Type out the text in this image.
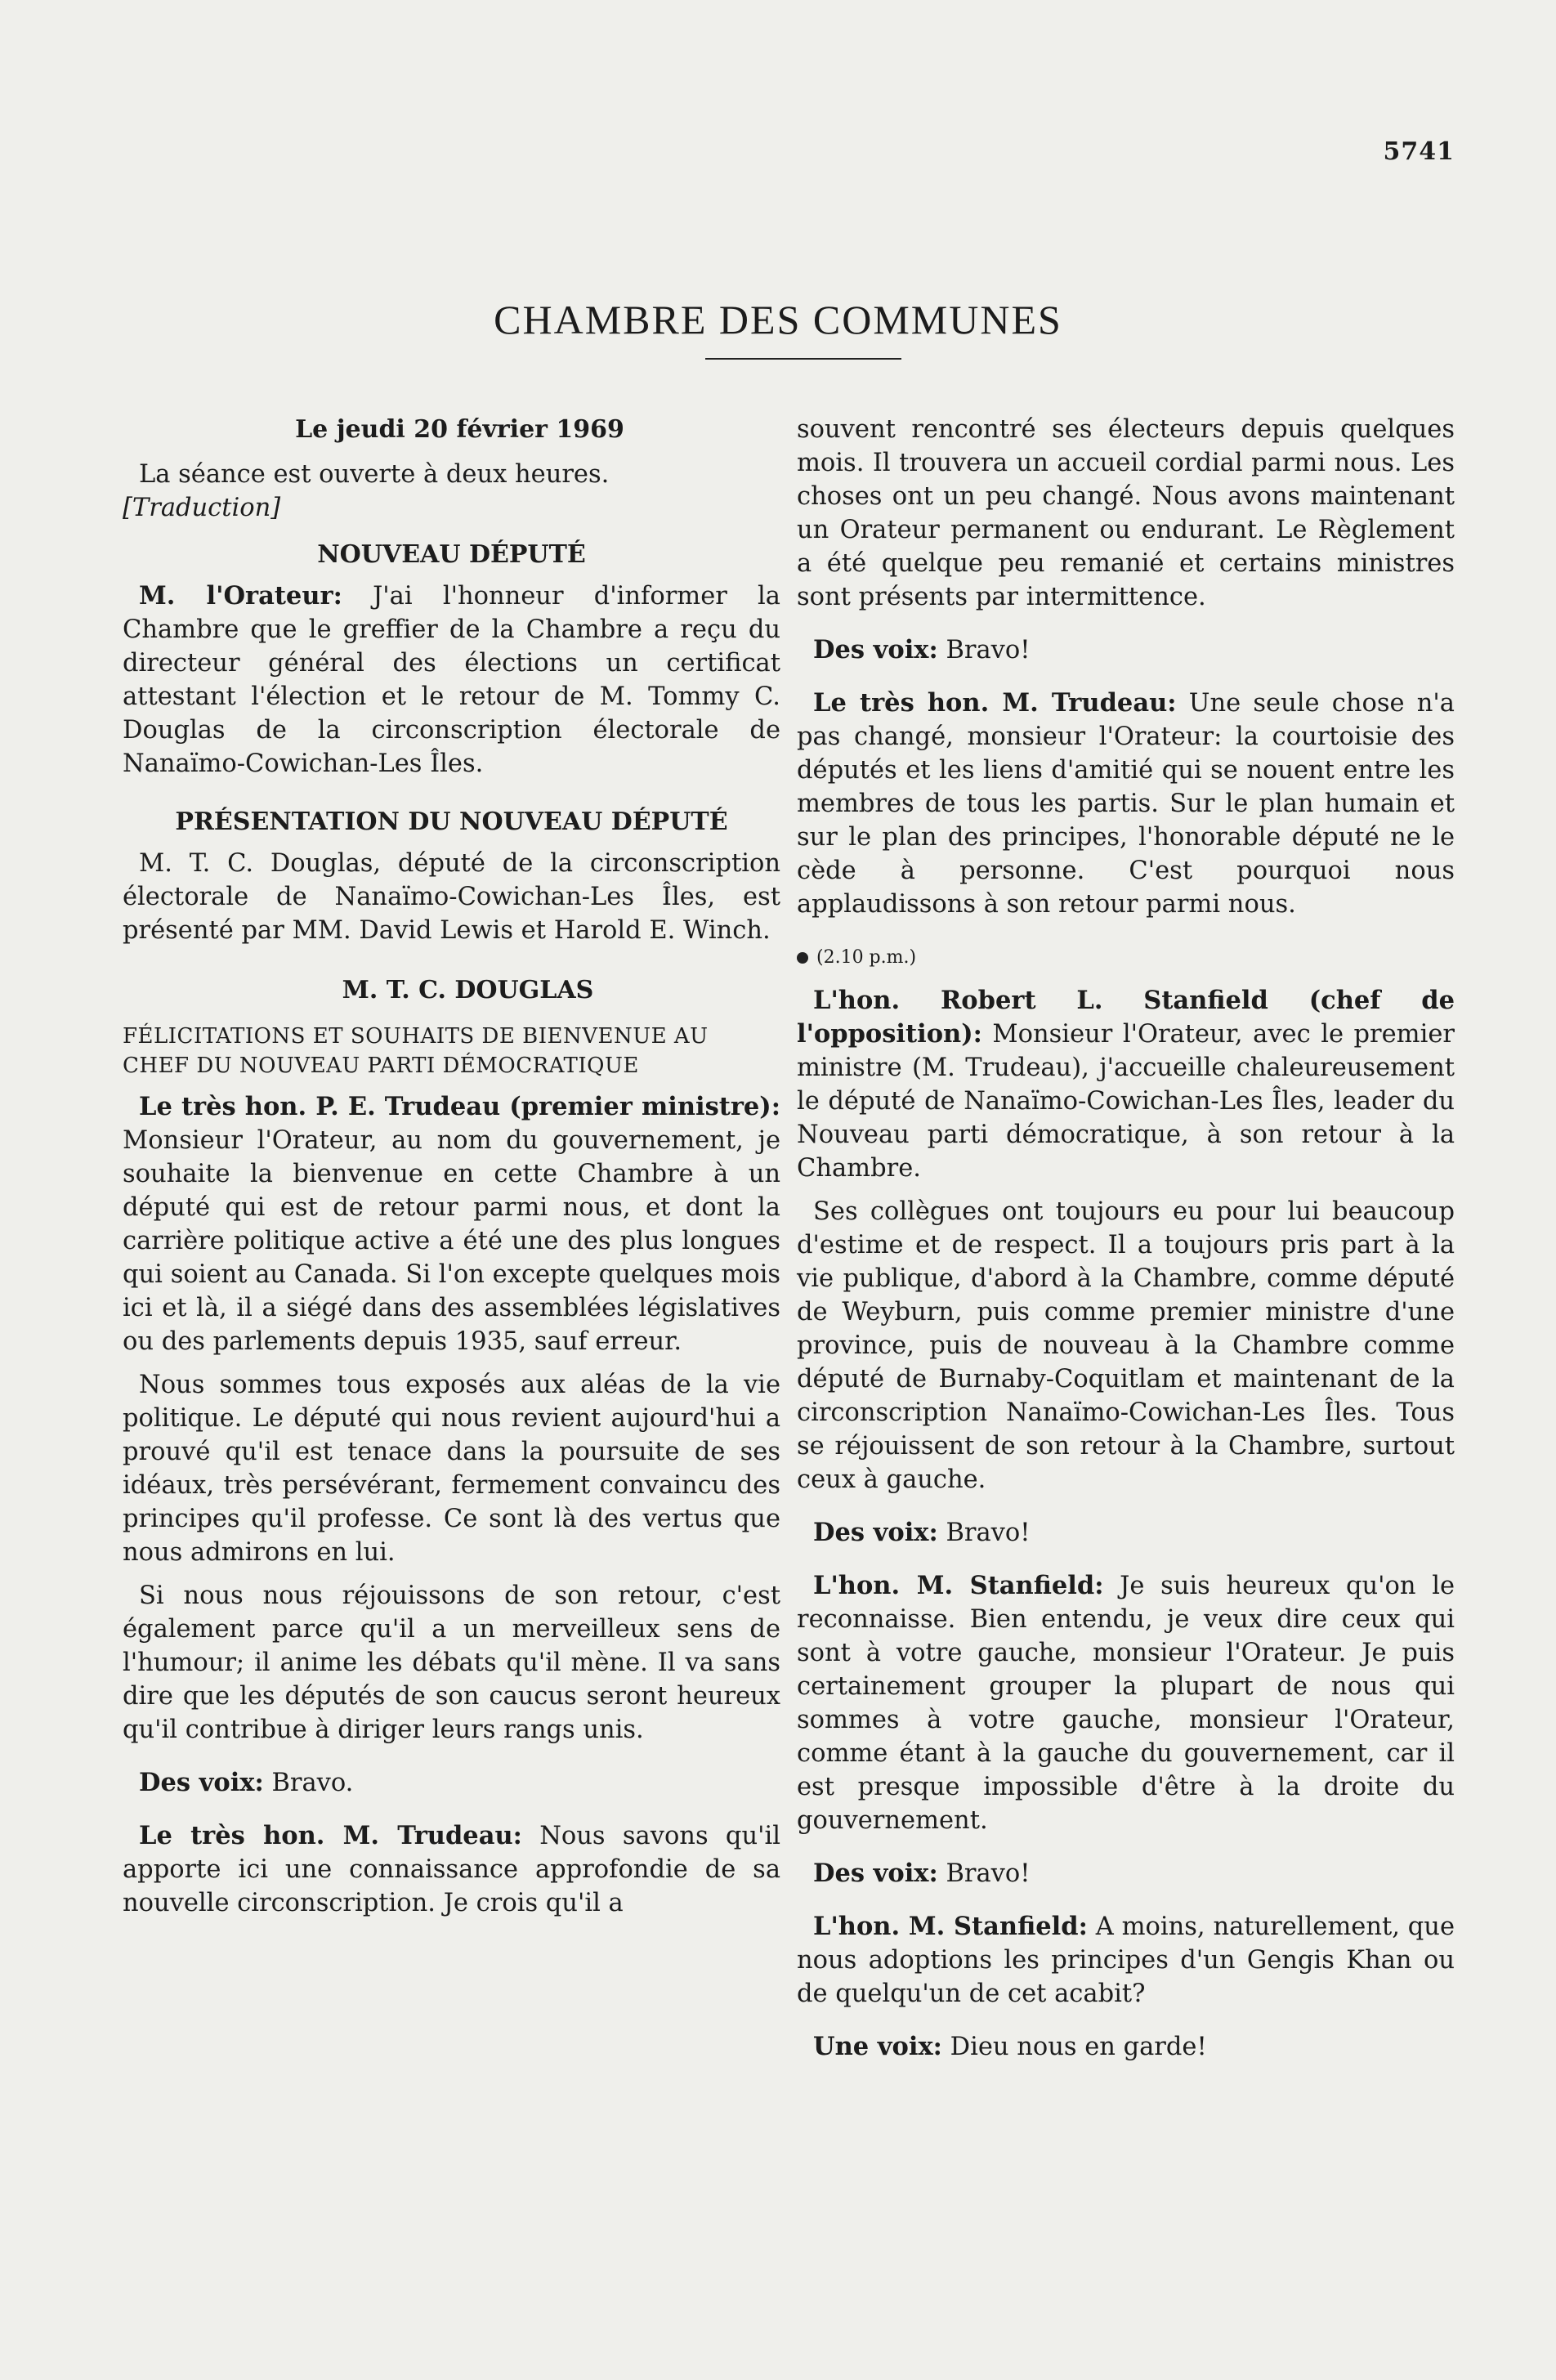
5741
CHAMBRE DES COMMUNES
Le jeudi 20 février 1969

La séance est ouverte à deux heures.

[Traduction]

NOUVEAU DÉPUTÉ

M. l'Orateur: J'ai l'honneur d'informer la Chambre que le greffier de la Chambre a reçu du directeur général des élections un certificat attestant l'élection et le retour de M. Tommy C. Douglas de la circonscription électorale de Nanaïmo-Cowichan-Les Îles.

PRÉSENTATION DU NOUVEAU DÉPUTÉ

M. T. C. Douglas, député de la circonscription électorale de Nanaïmo-Cowichan-Les Îles, est présenté par MM. David Lewis et Harold E. Winch.

M. T. C. DOUGLAS
FÉLICITATIONS ET SOUHAITS DE BIENVENUE AU CHEF DU NOUVEAU PARTI DÉMOCRATIQUE

Le très hon. P. E. Trudeau (premier ministre): Monsieur l'Orateur, au nom du gouvernement, je souhaite la bienvenue en cette Chambre à un député qui est de retour parmi nous, et dont la carrière politique active a été une des plus longues qui soient au Canada. Si l'on excepte quelques mois ici et là, il a siégé dans des assemblées législatives ou des parlements depuis 1935, sauf erreur.

Nous sommes tous exposés aux aléas de la vie politique. Le député qui nous revient aujourd'hui a prouvé qu'il est tenace dans la poursuite de ses idéaux, très persévérant, fermement convaincu des principes qu'il professe. Ce sont là des vertus que nous admirons en lui.

Si nous nous réjouissons de son retour, c'est également parce qu'il a un merveilleux sens de l'humour; il anime les débats qu'il mène. Il va sans dire que les députés de son caucus seront heureux qu'il contribue à diriger leurs rangs unis.

Des voix: Bravo.

Le très hon. M. Trudeau: Nous savons qu'il apporte ici une connaissance approfondie de sa nouvelle circonscription. Je crois qu'il a

souvent rencontré ses électeurs depuis quelques mois. Il trouvera un accueil cordial parmi nous. Les choses ont un peu changé. Nous avons maintenant un Orateur permanent ou endurant. Le Règlement a été quelque peu remanié et certains ministres sont présents par intermittence.

Des voix: Bravo!

Le très hon. M. Trudeau: Une seule chose n'a pas changé, monsieur l'Orateur: la courtoisie des députés et les liens d'amitié qui se nouent entre les membres de tous les partis. Sur le plan humain et sur le plan des principes, l'honorable député ne le cède à personne. C'est pourquoi nous applaudissons à son retour parmi nous.

(2.10 p.m.)

L'hon. Robert L. Stanfield (chef de l'opposition): Monsieur l'Orateur, avec le premier ministre (M. Trudeau), j'accueille chaleureusement le député de Nanaïmo-Cowichan-Les Îles, leader du Nouveau parti démocratique, à son retour à la Chambre.

Ses collègues ont toujours eu pour lui beaucoup d'estime et de respect. Il a toujours pris part à la vie publique, d'abord à la Chambre, comme député de Weyburn, puis comme premier ministre d'une province, puis de nouveau à la Chambre comme député de Burnaby-Coquitlam et maintenant de la circonscription Nanaïmo-Cowichan-Les Îles. Tous se réjouissent de son retour à la Chambre, surtout ceux à gauche.

Des voix: Bravo!

L'hon. M. Stanfield: Je suis heureux qu'on le reconnaisse. Bien entendu, je veux dire ceux qui sont à votre gauche, monsieur l'Orateur. Je puis certainement grouper la plupart de nous qui sommes à votre gauche, monsieur l'Orateur, comme étant à la gauche du gouvernement, car il est presque impossible d'être à la droite du gouvernement.

Des voix: Bravo!

L'hon. M. Stanfield: A moins, naturellement, que nous adoptions les principes d'un Gengis Khan ou de quelqu'un de cet acabit?

Une voix: Dieu nous en garde!
